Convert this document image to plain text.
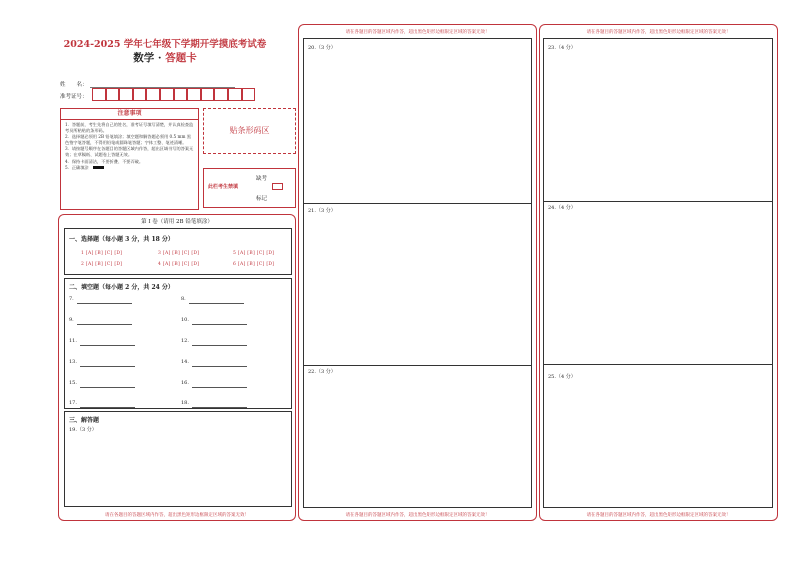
2024-2025 学年七年级下学期开学摸底考试卷
数学 · 答题卡
姓　　名：
准考证号：
注意事项

1．答题前，考生先将自己的姓名，准考证号填写清楚，并认真检查监考员所粘贴的条形码。

2．选择题必须用 2B 铅笔填涂；填空题和解答题必须用 0.5 mm 黑色签字笔答题，不得用铅笔或圆珠笔答题；字体工整、笔迹清晰。

3．请按题号顺序在各题目的答题区域内作答，超出区域书写的答案无效；在草稿纸、试题卷上答题无效。

4．保持卡面清洁，不要折叠、不要弄破。

5．正确填涂　

贴条形码区
此栏考生禁填
缺考
标记
第 I 卷（请用 2B 铅笔填涂）
一、选择题（每小题 3 分，共 18 分）
1 [A] [B] [C] [D]	3 [A] [B] [C] [D]	5 [A] [B] [C] [D]
2 [A] [B] [C] [D]	4 [A] [B] [C] [D]	6 [A] [B] [C] [D]
二、填空题（每小题 2 分，共 24 分）
7.	8.
9.	10.
11.	12.
13.	14.
15.	16.
17.	18.
三、解答题
19.（3 分）
请在各题目的答题区域内作答，超出黑色矩形边框限定区域的答案无效！
请在各题目的答题区域内作答，超出黑色矩形边框限定区域的答案无效！
20.（3 分）
21.（3 分）
22.（3 分）
请在各题目的答题区域内作答，超出黑色矩形边框限定区域的答案无效！
请在各题目的答题区域内作答，超出黑色矩形边框限定区域的答案无效！
23.（4 分）
24.（4 分）
25.（4 分）
请在各题目的答题区域内作答，超出黑色矩形边框限定区域的答案无效！
